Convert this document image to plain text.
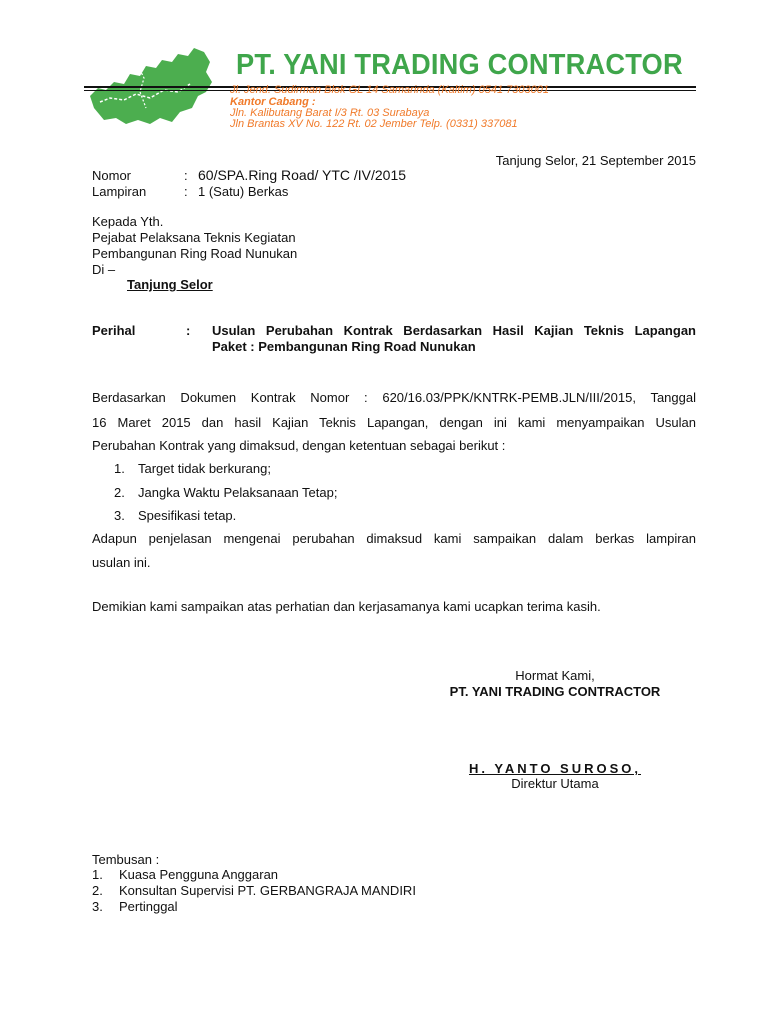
PT. YANI TRADING CONTRACTOR
Jl. Jend. Sudirman Blok GL 14 Samarinda (Kaltim) 0541 7303001
Kantor Cabang :
Jln. Kalibutang Barat I/3 Rt. 03 Surabaya
Jln Brantas XV No. 122 Rt. 02 Jember Telp. (0331) 337081
Tanjung Selor, 21 September 2015
Nomor	: 60/SPA.Ring Road/ YTC /IV/2015
Lampiran	: 1 (Satu) Berkas
Kepada Yth.
Pejabat Pelaksana Teknis Kegiatan
Pembangunan Ring Road Nunukan
Di –
Tanjung Selor
Perihal	: Usulan Perubahan Kontrak Berdasarkan Hasil Kajian Teknis Lapangan
Paket : Pembangunan Ring Road Nunukan
Berdasarkan Dokumen Kontrak Nomor : 620/16.03/PPK/KNTRK-PEMB.JLN/III/2015, Tanggal
16 Maret 2015 dan hasil Kajian Teknis Lapangan, dengan ini kami menyampaikan Usulan
Perubahan Kontrak yang dimaksud, dengan ketentuan sebagai berikut :
1. Target tidak berkurang;
2. Jangka Waktu Pelaksanaan Tetap;
3. Spesifikasi tetap.
Adapun penjelasan mengenai perubahan dimaksud kami sampaikan dalam berkas lampiran
usulan ini.
Demikian kami sampaikan atas perhatian dan kerjasamanya kami ucapkan terima kasih.
Hormat Kami,
PT. YANI TRADING CONTRACTOR
H. YANTO SUROSO,
Direktur Utama
Tembusan :
1. Kuasa Pengguna Anggaran
2. Konsultan Supervisi PT. GERBANGRAJA MANDIRI
3. Pertinggal
